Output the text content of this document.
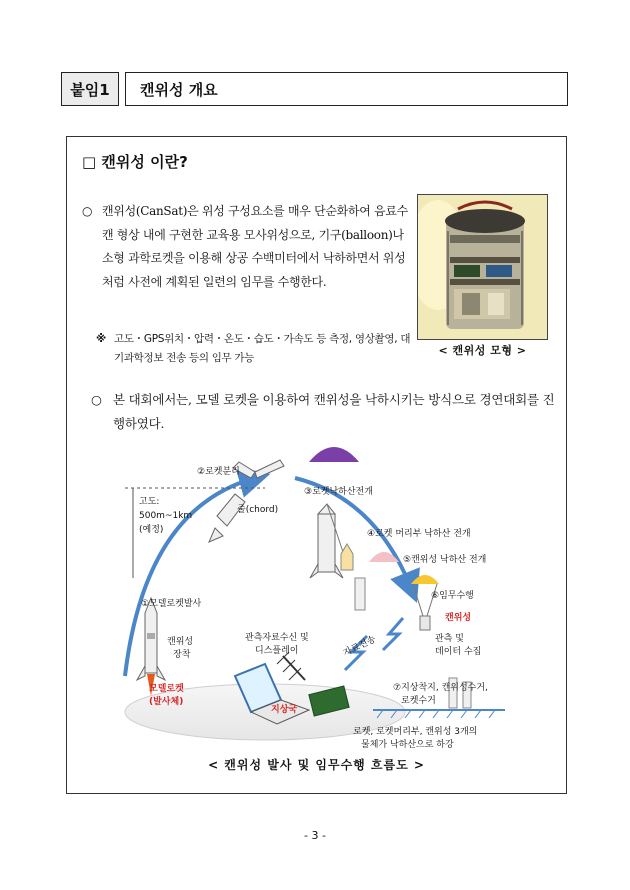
붙임1	캔위성 개요
□ 캔위성 이란?
○ 캔위성(CanSat)은 위성 구성요소를 매우 단순화하여 음료수 캔 형상 내에 구현한 교육용 모사위성으로, 기구(balloon)나 소형 과학로켓을 이용해 상공 수백미터에서 낙하하면서 위성처럼 사전에 계획된 일련의 임무를 수행한다.
※ 고도・GPS위치・압력・온도・습도・가속도 등 측정, 영상촬영, 대기과학정보 전송 등의 임무 가능
< 캔위성 모형 >
○ 본 대회에서는, 모델 로켓을 이용하여 캔위성을 낙하시키는 방식으로 경연대회를 진행하였다.
②로켓분리
줄(chord)
고도:
500m~1km
(예정)
③로켓낙하산전개
④로켓 머리부 낙하산 전개
⑤캔위성 낙하산 전개
⑥임무수행
캔위성
관측 및
데이터 수집
①모델로켓발사
캔위성
장착
모델로켓
(발사체)
관측자료수신 및
디스플레이	자료전송
지상국
⑦지상착지, 캔위성수거,
로켓수거
로켓, 로켓머리부, 캔위성 3개의
물체가 낙하산으로 하강
< 캔위성 발사 및 임무수행 흐름도 >
- 3 -
